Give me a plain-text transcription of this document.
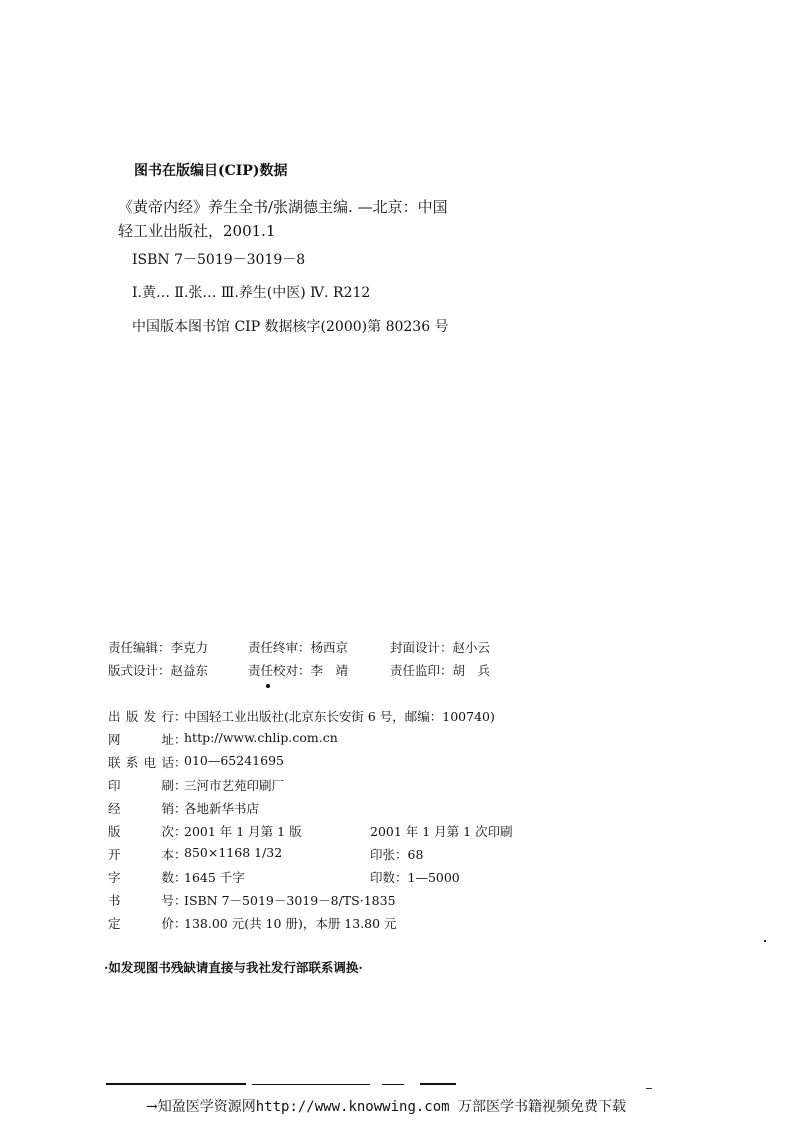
图书在版编目(CIP)数据
《黄帝内经》养生全书/张湖德主编. —北京：中国
轻工业出版社，2001.1
ISBN 7－5019－3019－8
Ⅰ.黄… Ⅱ.张… Ⅲ.养生(中医) Ⅳ. R212
中国版本图书馆 CIP 数据核字(2000)第 80236 号
责任编辑：李克力	责任终审：杨西京	封面设计：赵小云
版式设计：赵益东	责任校对：李　靖	责任监印：胡　兵
出版发行 ：
中国轻工业出版社(北京东长安街 6 号，邮编：100740)
网址 ：
http://www.chlip.com.cn
联系电话 ：
010—65241695
印刷 ：
三河市艺苑印刷厂
经销 ：
各地新华书店
版次 ：
2001 年 1 月第 1 版	2001 年 1 月第 1 次印刷
开本 ：
850×1168 1/32	印张：68
字数 ：
1645 千字	印数：1—5000
书号 ：
ISBN 7－5019－3019－8/TS·1835
定价 ：
138.00 元(共 10 册)，本册 13.80 元
·如发现图书残缺请直接与我社发行部联系调换·
→知盈医学资源网http://www.knowwing.com 万部医学书籍视频免费下载
